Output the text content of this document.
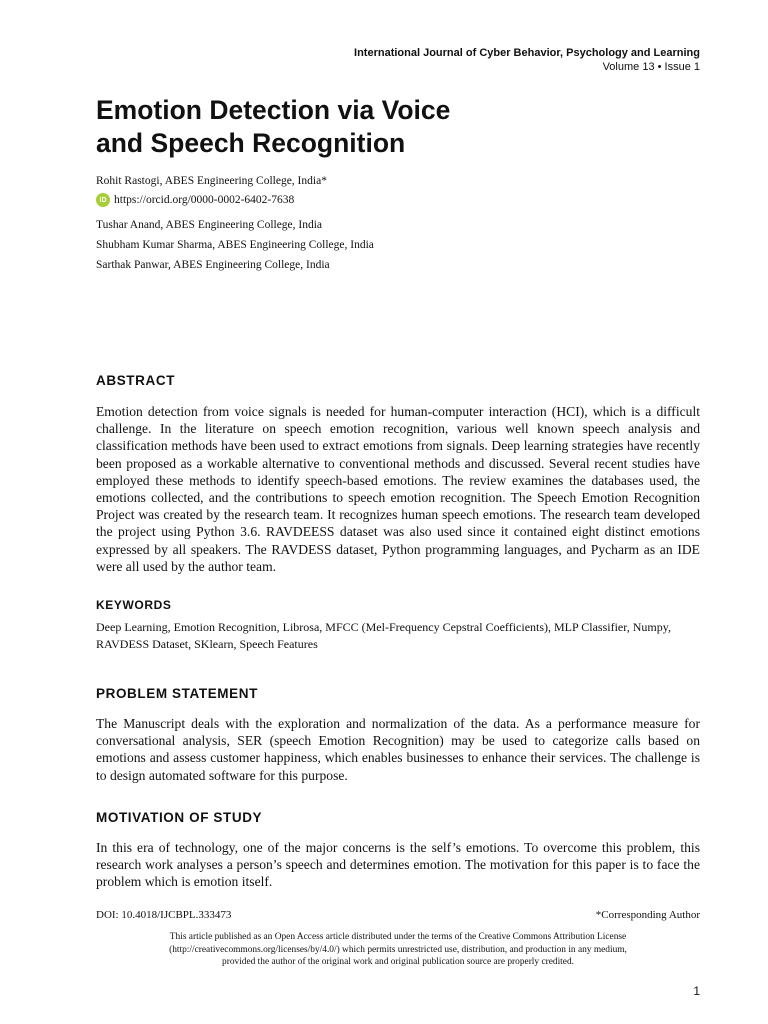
International Journal of Cyber Behavior, Psychology and Learning
Volume 13 • Issue 1
Emotion Detection via Voice
and Speech Recognition
Rohit Rastogi, ABES Engineering College, India*
iD https://orcid.org/0000-0002-6402-7638
Tushar Anand, ABES Engineering College, India
Shubham Kumar Sharma, ABES Engineering College, India
Sarthak Panwar, ABES Engineering College, India
ABSTRACT

Emotion detection from voice signals is needed for human-computer interaction (HCI), which is a difficult challenge. In the literature on speech emotion recognition, various well known speech analysis and classification methods have been used to extract emotions from signals. Deep learning strategies have recently been proposed as a workable alternative to conventional methods and discussed. Several recent studies have employed these methods to identify speech-based emotions. The review examines the databases used, the emotions collected, and the contributions to speech emotion recognition. The Speech Emotion Recognition Project was created by the research team. It recognizes human speech emotions. The research team developed the project using Python 3.6. RAVDEESS dataset was also used since it contained eight distinct emotions expressed by all speakers. The RAVDESS dataset, Python programming languages, and Pycharm as an IDE were all used by the author team.

KEYWORDS

Deep Learning, Emotion Recognition, Librosa, MFCC (Mel-Frequency Cepstral Coefficients), MLP Classifier, Numpy, RAVDESS Dataset, SKlearn, Speech Features

PROBLEM STATEMENT

The Manuscript deals with the exploration and normalization of the data. As a performance measure for conversational analysis, SER (speech Emotion Recognition) may be used to categorize calls based on emotions and assess customer happiness, which enables businesses to enhance their services. The challenge is to design automated software for this purpose.

MOTIVATION OF STUDY

In this era of technology, one of the major concerns is the self’s emotions. To overcome this problem, this research work analyses a person’s speech and determines emotion. The motivation for this paper is to face the problem which is emotion itself.

DOI: 10.4018/IJCBPL.333473	*Corresponding Author

This article published as an Open Access article distributed under the terms of the Creative Commons Attribution License
(http://creativecommons.org/licenses/by/4.0/) which permits unrestricted use, distribution, and production in any medium,
provided the author of the original work and original publication source are properly credited.

1
